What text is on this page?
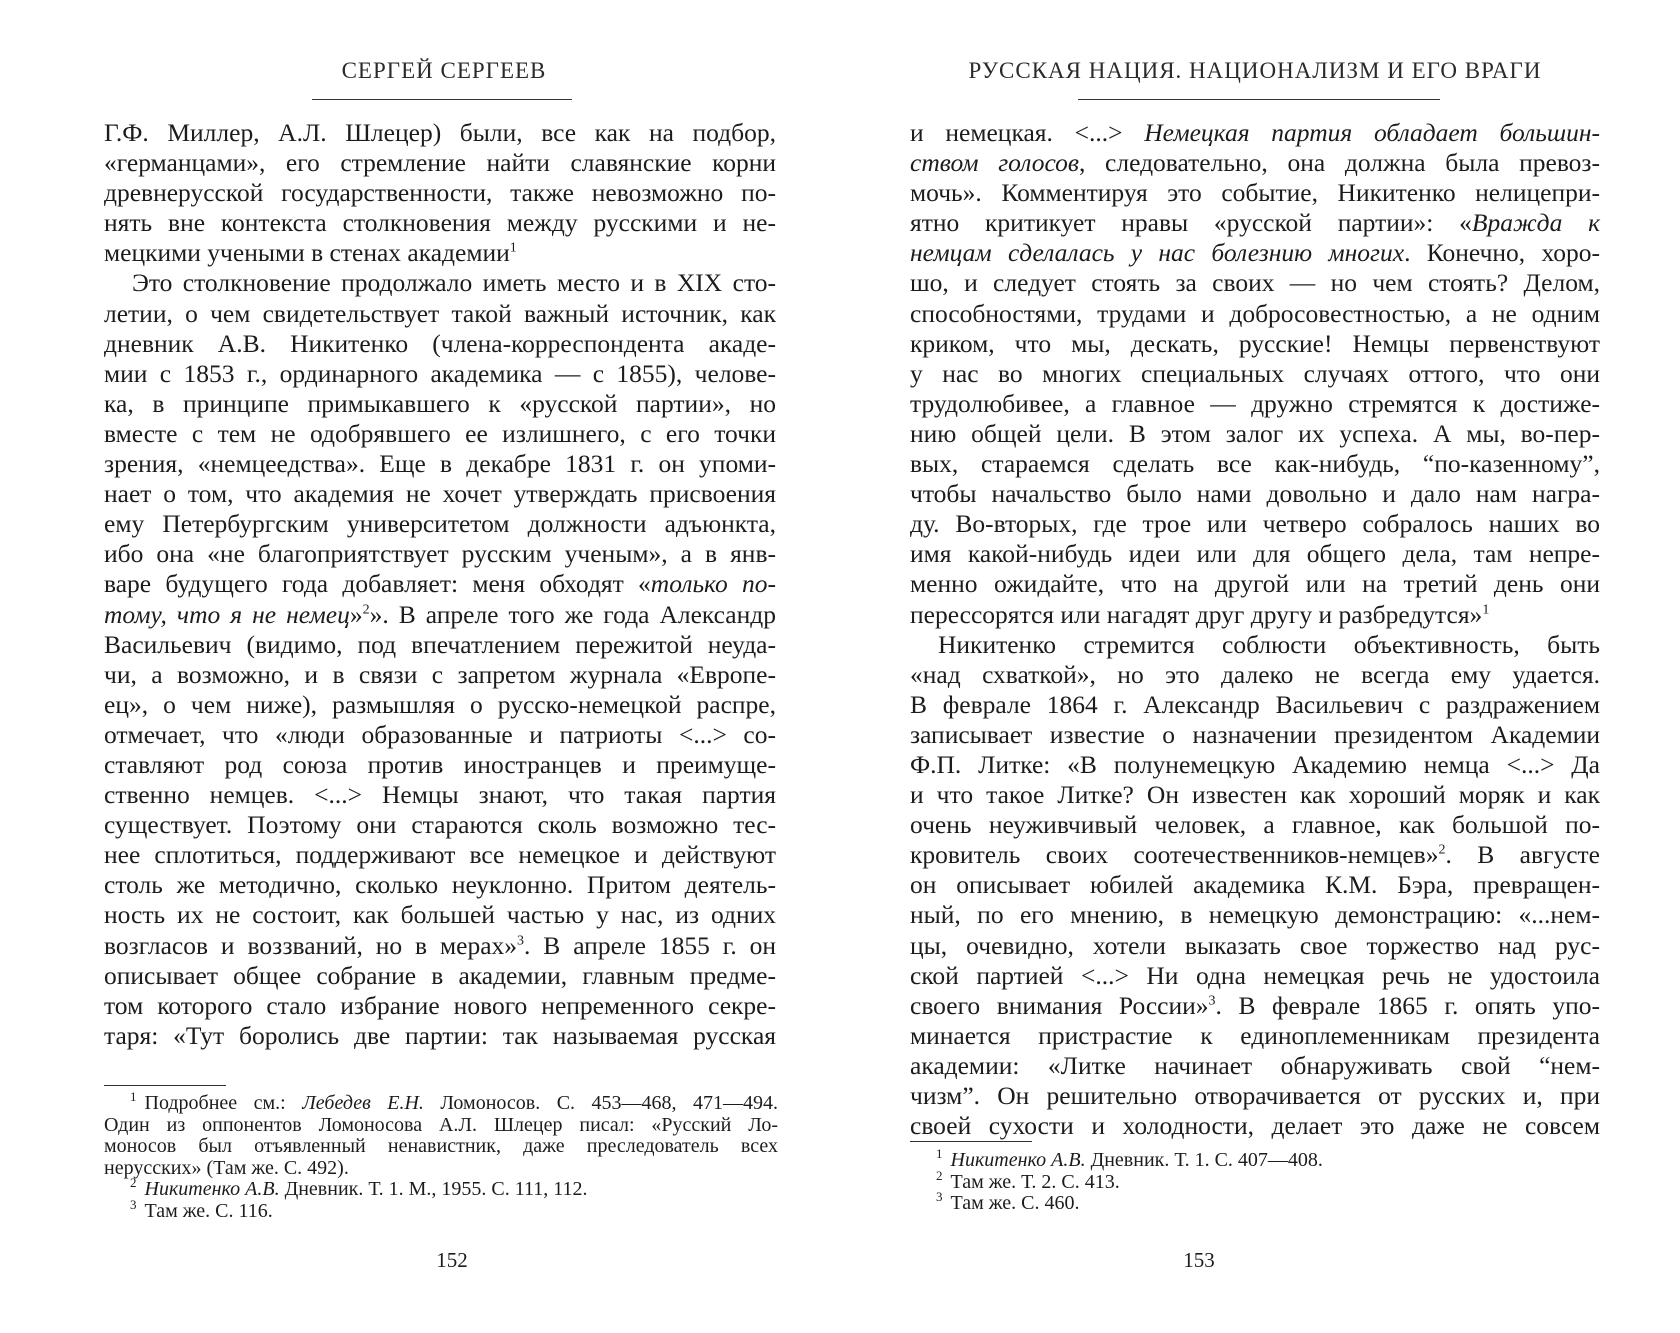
СЕРГЕЙ СЕРГЕЕВ
Г.Ф. Миллер, А.Л. Шлецер) были, все как на подбор,
«германцами», его стремление найти славянские корни
древнерусской государственности, также невозможно по-
нять вне контекста столкновения между русскими и не-
мецкими учеными в стенах академии$^1$
Это столкновение продолжало иметь место и в XIX сто-
летии, о чем свидетельствует такой важный источник, как
дневник А.В. Никитенко (члена-корреспондента акаде-
мии с 1853 г., ординарного академика — с 1855), челове-
ка, в принципе примыкавшего к «русской партии», но
вместе с тем не одобрявшего ее излишнего, с его точки
зрения, «немцеедства». Еще в декабре 1831 г. он упоми-
нает о том, что академия не хочет утверждать присвоения
ему Петербургским университетом должности адъюнкта,
ибо она «не благоприятствует русским ученым», а в янв-
варе будущего года добавляет: меня обходят «только по-
тому, что я не немец»$^2$». В апреле того же года Александр
Васильевич (видимо, под впечатлением пережитой неуда-
чи, а возможно, и в связи с запретом журнала «Европе-
ец», о чем ниже), размышляя о русско-немецкой распре,
отмечает, что «люди образованные и патриоты <...> со-
ставляют род союза против иностранцев и преимуще-
ственно немцев. <...> Немцы знают, что такая партия
существует. Поэтому они стараются сколь возможно тес-
нее сплотиться, поддерживают все немецкое и действуют
столь же методично, сколько неуклонно. Притом деятель-
ность их не состоит, как большей частью у нас, из одних
возгласов и воззваний, но в мерах»$^3$. В апреле 1855 г. он
описывает общее собрание в академии, главным предме-
том которого стало избрание нового непременного секре-
таря: «Тут боролись две партии: так называемая русская
$^1$ Подробнее см.: Лебедев Е.Н. Ломоносов. С. 453—468, 471—494.
Один из оппонентов Ломоносова А.Л. Шлецер писал: «Русский Ло-
моносов был отъявленный ненавистник, даже преследователь всех
нерусских» (Там же. С. 492).
$^2$ Никитенко А.В. Дневник. Т. 1. М., 1955. С. 111, 112.
$^3$ Там же. С. 116.
152
РУССКАЯ НАЦИЯ. НАЦИОНАЛИЗМ И ЕГО ВРАГИ
и немецкая. <...> Немецкая партия обладает большин-
ством голосов, следовательно, она должна была превоз-
мочь». Комментируя это событие, Никитенко нелицепри-
ятно критикует нравы «русской партии»: «Вражда к
немцам сделалась у нас болезнию многих. Конечно, хоро-
шо, и следует стоять за своих — но чем стоять? Делом,
способностями, трудами и добросовестностью, а не одним
криком, что мы, дескать, русские! Немцы первенствуют
у нас во многих специальных случаях оттого, что они
трудолюбивее, а главное — дружно стремятся к достиже-
нию общей цели. В этом залог их успеха. А мы, во-пер-
вых, стараемся сделать все как-нибудь, “по-казенному”,
чтобы начальство было нами довольно и дало нам награ-
ду. Во-вторых, где трое или четверо собралось наших во
имя какой-нибудь идеи или для общего дела, там непре-
менно ожидайте, что на другой или на третий день они
перессорятся или нагадят друг другу и разбредутся»$^1$
Никитенко стремится соблюсти объективность, быть
«над схваткой», но это далеко не всегда ему удается.
В феврале 1864 г. Александр Васильевич с раздражением
записывает известие о назначении президентом Академии
Ф.П. Литке: «В полунемецкую Академию немца <...> Да
и что такое Литке? Он известен как хороший моряк и как
очень неуживчивый человек, а главное, как большой по-
кровитель своих соотечественников-немцев»$^2$. В августе
он описывает юбилей академика К.М. Бэра, превращен-
ный, по его мнению, в немецкую демонстрацию: «...нем-
цы, очевидно, хотели выказать свое торжество над рус-
ской партией <...> Ни одна немецкая речь не удостоила
своего внимания России»$^3$. В феврале 1865 г. опять упо-
минается пристрастие к единоплеменникам президента
академии: «Литке начинает обнаруживать свой “нем-
чизм”. Он решительно отворачивается от русских и, при
своей сухости и холодности, делает это даже не совсем
$^1$ Никитенко А.В. Дневник. Т. 1. С. 407—408.
$^2$ Там же. Т. 2. С. 413.
$^3$ Там же. С. 460.
153
